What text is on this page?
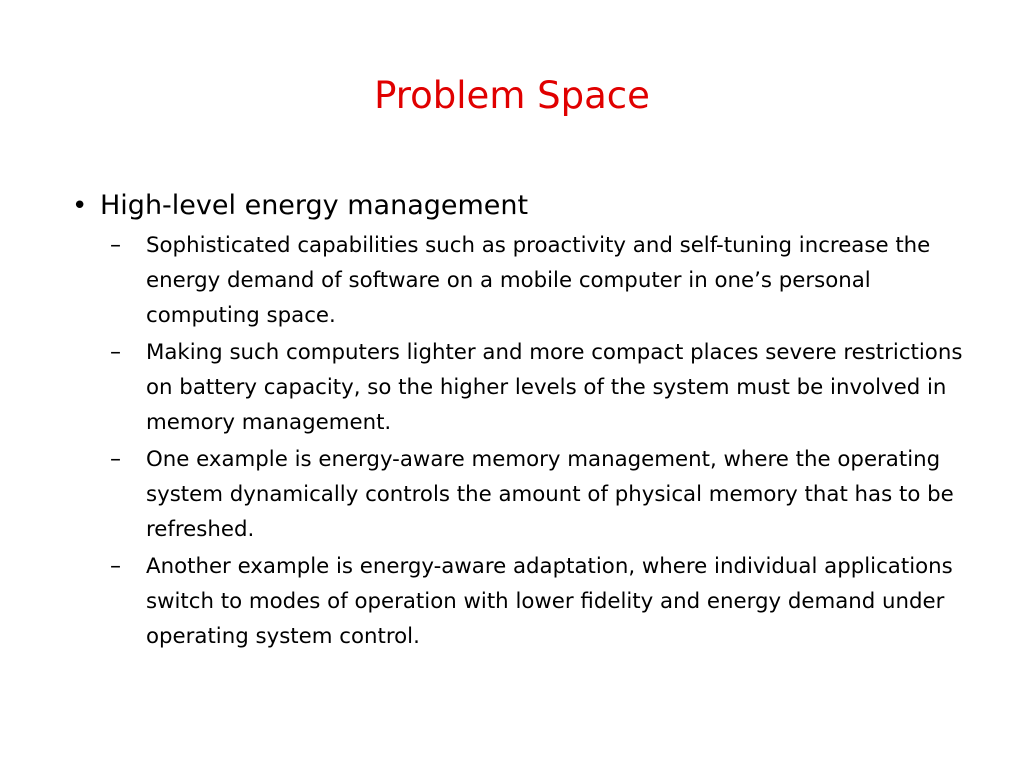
Problem Space
• High-level energy management
–	Sophisticated capabilities such as proactivity and self-tuning increase the energy demand of software on a mobile computer in one’s personal computing space.
–	Making such computers lighter and more compact places severe restrictions on battery capacity, so the higher levels of the system must be involved in memory management.
–	One example is energy-aware memory management, where the operating system dynamically controls the amount of physical memory that has to be refreshed.
–	Another example is energy-aware adaptation, where individual applications switch to modes of operation with lower fidelity and energy demand under operating system control.
